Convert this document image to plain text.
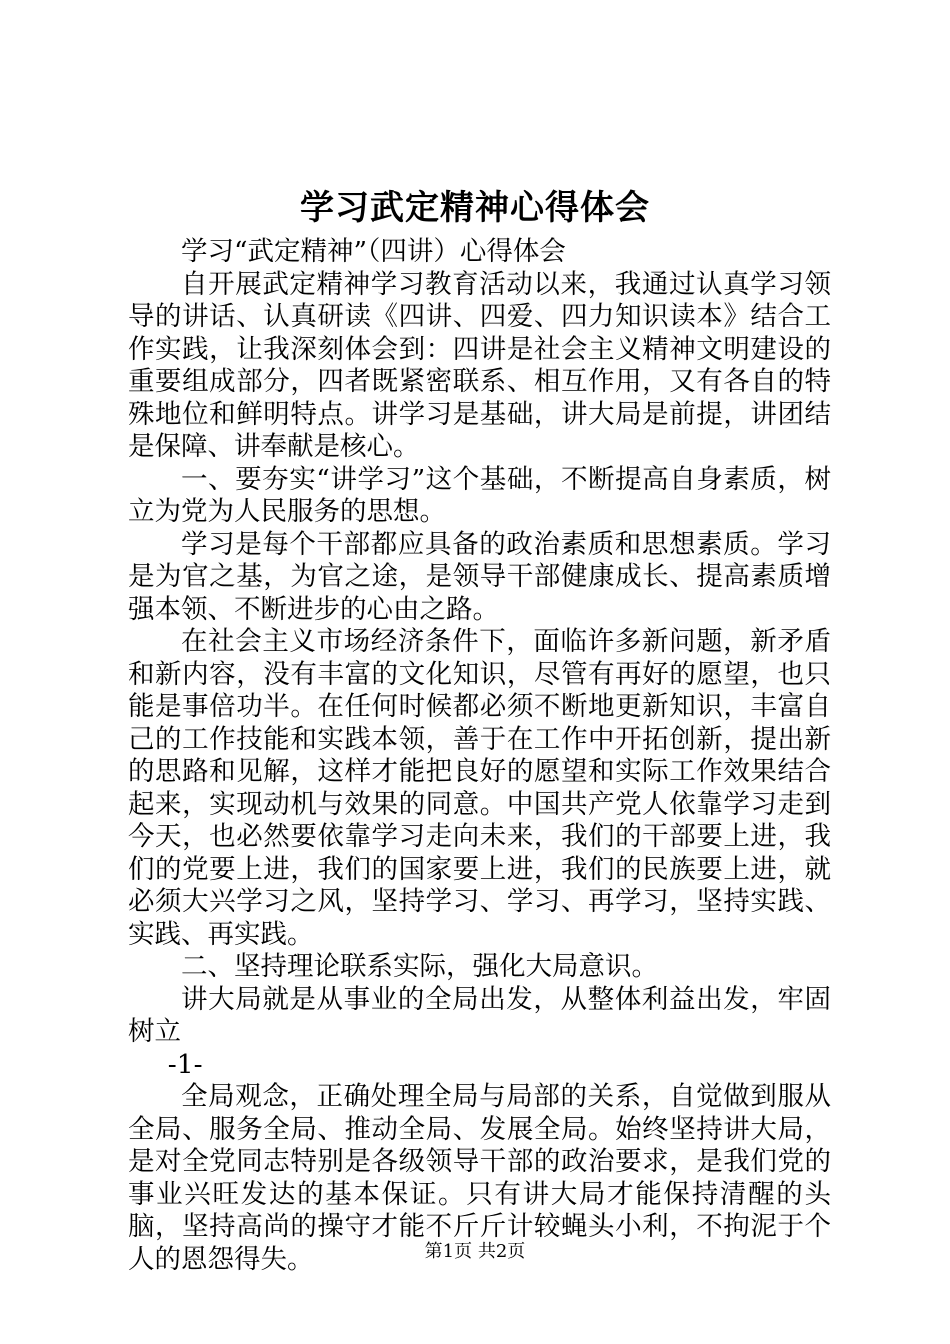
学习武定精神心得体会

学习“武定精神”（四讲）心得体会

自开展武定精神学习教育活动以来，我通过认真学习领导的讲话、认真研读《四讲、四爱、四力知识读本》结合工作实践，让我深刻体会到：四讲是社会主义精神文明建设的重要组成部分，四者既紧密联系、相互作用，又有各自的特殊地位和鲜明特点。讲学习是基础，讲大局是前提，讲团结是保障、讲奉献是核心。

一、要夯实“讲学习”这个基础，不断提高自身素质，树立为党为人民服务的思想。

学习是每个干部都应具备的政治素质和思想素质。学习是为官之基，为官之途，是领导干部健康成长、提高素质增强本领、不断进步的心由之路。

在社会主义市场经济条件下，面临许多新问题，新矛盾和新内容，没有丰富的文化知识，尽管有再好的愿望，也只能是事倍功半。在任何时候都必须不断地更新知识，丰富自己的工作技能和实践本领，善于在工作中开拓创新，提出新的思路和见解，这样才能把良好的愿望和实际工作效果结合起来，实现动机与效果的同意。中国共产党人依靠学习走到今天，也必然要依靠学习走向未来，我们的干部要上进，我们的党要上进，我们的国家要上进，我们的民族要上进，就必须大兴学习之风，坚持学习、学习、再学习，坚持实践、实践、再实践。

二、坚持理论联系实际，强化大局意识。

讲大局就是从事业的全局出发，从整体利益出发，牢固树立

-1-

全局观念，正确处理全局与局部的关系，自觉做到服从全局、服务全局、推动全局、发展全局。始终坚持讲大局，是对全党同志特别是各级领导干部的政治要求，是我们党的事业兴旺发达的基本保证。只有讲大局才能保持清醒的头脑，坚持高尚的操守才能不斤斤计较蝇头小利，不拘泥于个人的恩怨得失。	第1页 共2页
